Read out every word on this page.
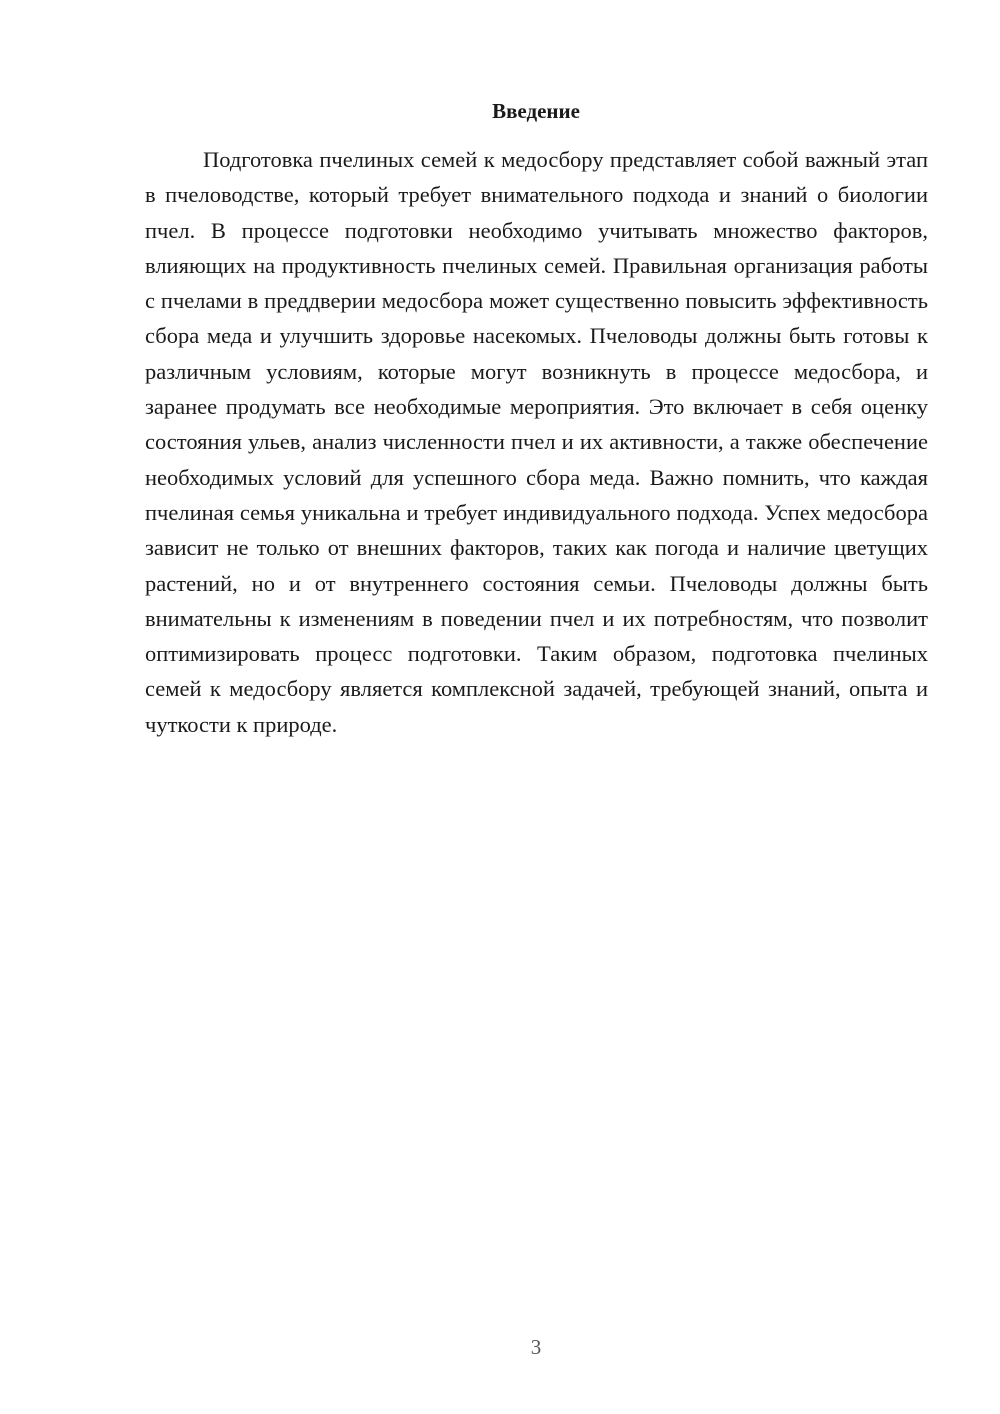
Введение

Подготовка пчелиных семей к медосбору представляет собой важный этап в пчеловодстве, который требует внимательного подхода и знаний о биологии пчел. В процессе подготовки необходимо учитывать множество факторов, влияющих на продуктивность пчелиных семей. Правильная организация работы с пчелами в преддверии медосбора может существенно повысить эффективность сбора меда и улучшить здоровье насекомых. Пчеловоды должны быть готовы к различным условиям, которые могут возникнуть в процессе медосбора, и заранее продумать все необходимые мероприятия. Это включает в себя оценку состояния ульев, анализ численности пчел и их активности, а также обеспечение необходимых условий для успешного сбора меда. Важно помнить, что каждая пчелиная семья уникальна и требует индивидуального подхода. Успех медосбора зависит не только от внешних факторов, таких как погода и наличие цветущих растений, но и от внутреннего состояния семьи. Пчеловоды должны быть внимательны к изменениям в поведении пчел и их потребностям, что позволит оптимизировать процесс подготовки. Таким образом, подготовка пчелиных семей к медосбору является комплексной задачей, требующей знаний, опыта и чуткости к природе.

3
